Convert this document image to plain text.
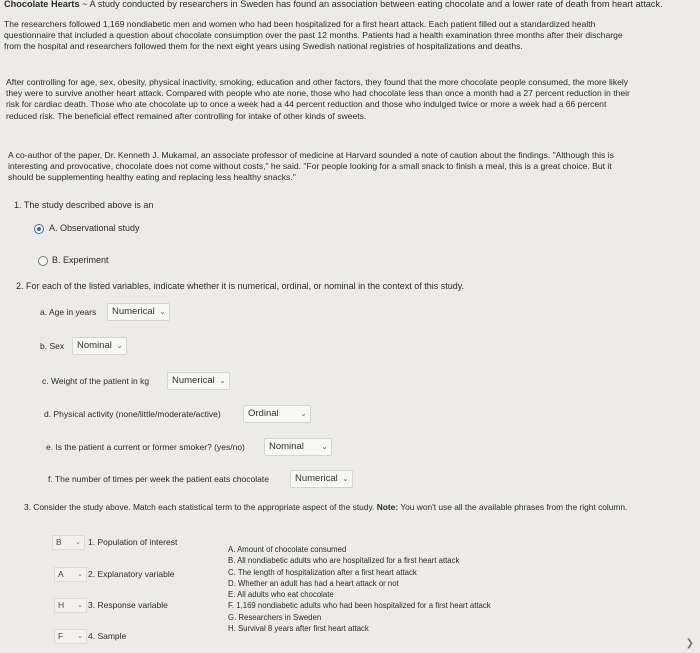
Chocolate Hearts ~ A study conducted by researchers in Sweden has found an association between eating chocolate and a lower rate of death from heart attack.
The researchers followed 1,169 nondiabetic men and women who had been hospitalized for a first heart attack. Each patient filled out a standardized health
questionnaire that included a question about chocolate consumption over the past 12 months. Patients had a health examination three months after their discharge
from the hospital and researchers followed them for the next eight years using Swedish national registries of hospitalizations and deaths.
After controlling for age, sex, obesity, physical inactivity, smoking, education and other factors, they found that the more chocolate people consumed, the more likely
they were to survive another heart attack. Compared with people who ate none, those who had chocolate less than once a month had a 27 percent reduction in their
risk for cardiac death. Those who ate chocolate up to once a week had a 44 percent reduction and those who indulged twice or more a week had a 66 percent
reduced risk. The beneficial effect remained after controlling for intake of other kinds of sweets.
A co-author of the paper, Dr. Kenneth J. Mukamal, an associate professor of medicine at Harvard sounded a note of caution about the findings. "Although this is
interesting and provocative, chocolate does not come without costs," he said. "For people looking for a small snack to finish a meal, this is a great choice. But it
should be supplementing healthy eating and replacing less healthy snacks."
1. The study described above is an
A. Observational study
B. Experiment
2. For each of the listed variables, indicate whether it is numerical, ordinal, or nominal in the context of this study.
a. Age in years	Numerical ⌄
b. Sex	Nominal ⌄
c. Weight of the patient in kg	Numerical ⌄
d. Physical activity (none/little/moderate/active)	Ordinal	⌄
e. Is the patient a current or former smoker? (yes/no)	Nominal ⌄
f. The number of times per week the patient eats chocolate	Numerical ⌄
3. Consider the study above. Match each statistical term to the appropriate aspect of the study. Note: You won't use all the available phrases from the right column.
B ⌄ 1. Population of interest
A ⌄ 2. Explanatory variable
H ⌄ 3. Response variable
F ⌄ 4. Sample
A. Amount of chocolate consumed
B. All nondiabetic adults who are hospitalized for a first heart attack
C. The length of hospitalization after a first heart attack
D. Whether an adult has had a heart attack or not
E. All adults who eat chocolate
F. 1,169 nondiabetic adults who had been hospitalized for a first heart attack
G. Researchers in Sweden
H. Survival 8 years after first heart attack
❯
